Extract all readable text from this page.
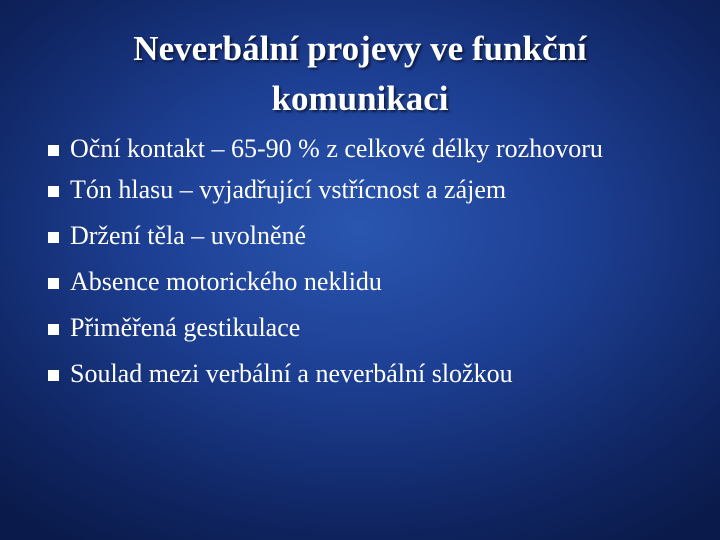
Neverbální projevy ve funkční komunikaci
Oční kontakt – 65-90 % z celkové délky rozhovoru
Tón hlasu – vyjadřující vstřícnost a zájem
Držení těla – uvolněné
Absence motorického neklidu
Přiměřená gestikulace
Soulad mezi verbální a neverbální složkou
